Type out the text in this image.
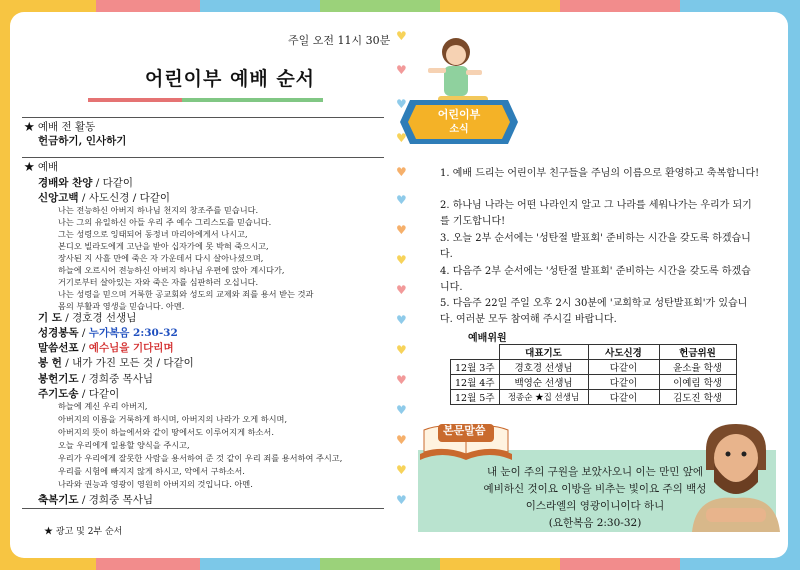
주일 오전 11시 30분
어린이부 예배 순서
★ 예배 전 활동
헌금하기, 인사하기
★ 예배
경배와 찬양 / 다같이
신앙고백 / 사도신경 / 다같이
나는 전능하신 아버지 하나님 천지의 창조주를 믿습니다.
나는 그의 유일하신 아들 우리 주 예수 그리스도를 믿습니다.
그는 성령으로 잉태되어 동정녀 마리아에게서 나시고,
본디오 빌라도에게 고난을 받아 십자가에 못 박혀 죽으시고,
장사된 지 사흘 만에 죽은 자 가운데서 다시 살아나셨으며,
하늘에 오르시어 전능하신 아버지 하나님 우편에 앉아 계시다가,
거기로부터 살아있는 자와 죽은 자를 심판하러 오십니다.
나는 성령을 믿으며 거룩한 공교회와 성도의 교제와 죄를 용서 받는 것과
몸의 부활과 영생을 믿습니다. 아멘.
기 도 / 경호경 선생님
성경봉독 / 누가복음 2:30-32
말씀선포 / 예수님을 기다리며
봉 헌 / 내가 가진 모든 것 / 다같이
봉헌기도 / 경희중 목사님
주기도송 / 다같이
하늘에 계신 우리 아버지,
아버지의 이름을 거룩하게 하시며, 아버지의 나라가 오게 하시며,
아버지의 뜻이 하늘에서와 같이 땅에서도 이루어지게 하소서.
오늘 우리에게 일용할 양식을 주시고,
우리가 우리에게 잘못한 사람을 용서하여 준 것 같이 우리 죄를 용서하여 주시고,
우리를 시험에 빠지지 않게 하시고, 악에서 구하소서.
나라와 권능과 영광이 영원히 아버지의 것입니다. 아멘.
축복기도 / 경희중 목사님
★ 광고 및 2부 순서
♥
♥
♥
♥
♥
♥
♥
♥
♥
♥
♥
♥
♥
♥
♥
♥
어린이부
소식
1. 예배 드리는 어린이부 친구들을 주님의 이름으로 환영하고 축복합니다!
2. 하나님 나라는 어떤 나라인지 알고 그 나라를 세워나가는 우리가 되기를 기도합니다!
3. 오늘 2부 순서에는 '성탄절 발표회' 준비하는 시간을 갖도록 하겠습니다.
4. 다음주 2부 순서에는 '성탄절 발표회' 준비하는 시간을 갖도록 하겠습니다.
5. 다음주 22일 주일 오후 2시 30분에 '교회학교 성탄발표회'가 있습니다. 여러분 모두 참여해 주시길 바랍니다.
예배위원
	대표기도	사도신경	헌금위원
12월 3주	경호경 선생님	다같이	윤소율 학생
12월 4주	백영순 선생님	다같이	이예림 학생
12월 5주	정종순 ★집 선생님	다같이	김도진 학생
본문말씀
내 눈이 주의 구원을 보았사오니 이는 만민 앞에
예비하신 것이요 이방을 비추는 빛이요 주의 백성
이스라엘의 영광이니이다 하니
(요한복음 2:30-32)
